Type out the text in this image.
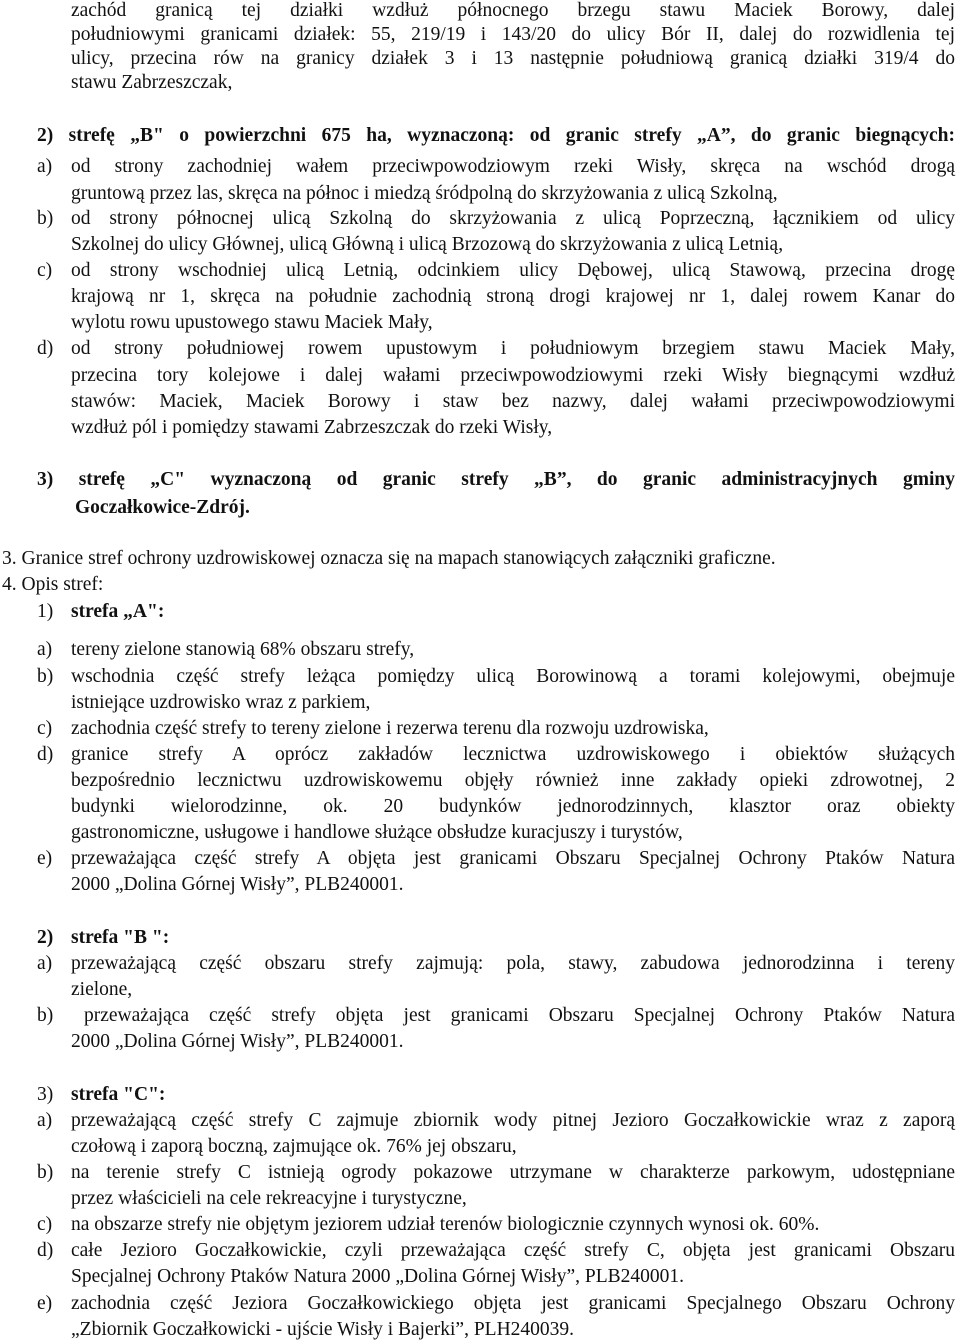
zachód granicą tej działki wzdłuż północnego brzegu stawu Maciek Borowy, dalej
południowymi granicami działek: 55, 219/19 i 143/20 do ulicy Bór II, dalej do rozwidlenia tej
ulicy, przecina rów na granicy działek 3 i 13 następnie południową granicą działki 319/4 do
stawu Zabrzeszczak,
2) strefę „B" o powierzchni 675 ha, wyznaczoną: od granic strefy „A”, do granic biegnących:
a) od strony zachodniej wałem przeciwpowodziowym rzeki Wisły, skręca na wschód drogą
gruntową przez las, skręca na północ i miedzą śródpolną do skrzyżowania z ulicą Szkolną,
b) od strony północnej ulicą Szkolną do skrzyżowania z ulicą Poprzeczną, łącznikiem od ulicy
Szkolnej do ulicy Głównej, ulicą Główną i ulicą Brzozową do skrzyżowania z ulicą Letnią,
c) od strony wschodniej ulicą Letnią, odcinkiem ulicy Dębowej, ulicą Stawową, przecina drogę
krajową nr 1, skręca na południe zachodnią stroną drogi krajowej nr 1, dalej rowem Kanar do
wylotu rowu upustowego stawu Maciek Mały,
d) od strony południowej rowem upustowym i południowym brzegiem stawu Maciek Mały,
przecina tory kolejowe i dalej wałami przeciwpowodziowymi rzeki Wisły biegnącymi wzdłuż
stawów: Maciek, Maciek Borowy i staw bez nazwy, dalej wałami przeciwpowodziowymi
wzdłuż pól i pomiędzy stawami Zabrzeszczak do rzeki Wisły,
3) strefę „C" wyznaczoną od granic strefy „B”, do granic administracyjnych gminy
Goczałkowice-Zdrój.
3. Granice stref ochrony uzdrowiskowej oznacza się na mapach stanowiących załączniki graficzne.
4. Opis stref:
1) strefa „A":
a) tereny zielone stanowią 68% obszaru strefy,
b) wschodnia część strefy leżąca pomiędzy ulicą Borowinową a torami kolejowymi, obejmuje
istniejące uzdrowisko wraz z parkiem,
c) zachodnia część strefy to tereny zielone i rezerwa terenu dla rozwoju uzdrowiska,
d) granice strefy A oprócz zakładów lecznictwa uzdrowiskowego i obiektów służących
bezpośrednio lecznictwu uzdrowiskowemu objęły również inne zakłady opieki zdrowotnej, 2
budynki wielorodzinne, ok. 20 budynków jednorodzinnych, klasztor oraz obiekty
gastronomiczne, usługowe i handlowe służące obsłudze kuracjuszy i turystów,
e) przeważająca część strefy A objęta jest granicami Obszaru Specjalnej Ochrony Ptaków Natura
2000 „Dolina Górnej Wisły”, PLB240001.
2) strefa "B ":
a) przeważającą część obszaru strefy zajmują: pola, stawy, zabudowa jednorodzinna i tereny
zielone,
b) przeważająca część strefy objęta jest granicami Obszaru Specjalnej Ochrony Ptaków Natura
2000 „Dolina Górnej Wisły”, PLB240001.
3) strefa "C":
a) przeważającą część strefy C zajmuje zbiornik wody pitnej Jezioro Goczałkowickie wraz z zaporą
czołową i zaporą boczną, zajmujące ok. 76% jej obszaru,
b) na terenie strefy C istnieją ogrody pokazowe utrzymane w charakterze parkowym, udostępniane
przez właścicieli na cele rekreacyjne i turystyczne,
c) na obszarze strefy nie objętym jeziorem udział terenów biologicznie czynnych wynosi ok. 60%.
d) całe Jezioro Goczałkowickie, czyli przeważająca część strefy C, objęta jest granicami Obszaru
Specjalnej Ochrony Ptaków Natura 2000 „Dolina Górnej Wisły”, PLB240001.
e) zachodnia część Jeziora Goczałkowickiego objęta jest granicami Specjalnego Obszaru Ochrony
„Zbiornik Goczałkowicki - ujście Wisły i Bajerki”, PLH240039.
